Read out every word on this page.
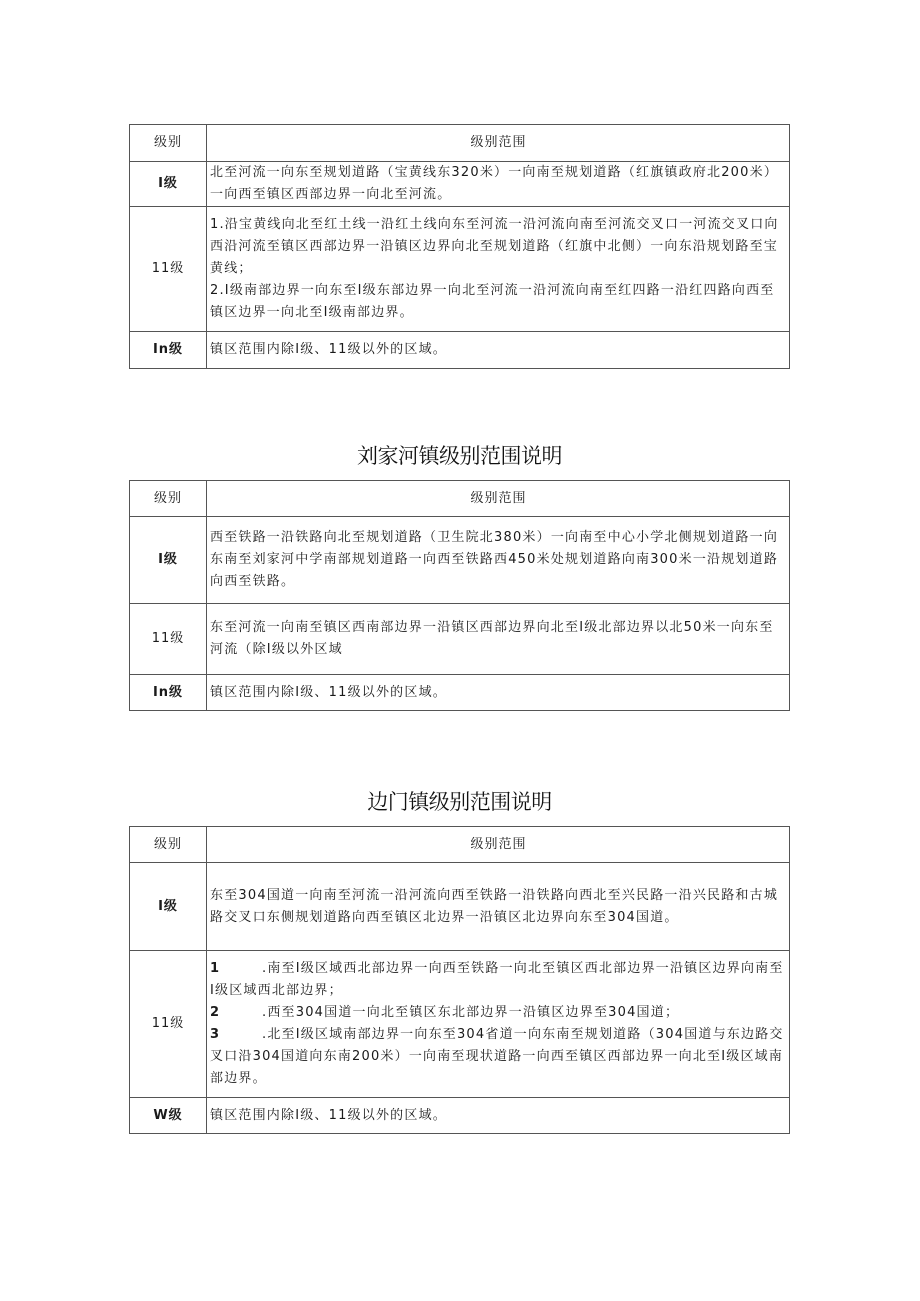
级别	级别范围
I级	北至河流一向东至规划道路（宝黄线东320米）一向南至规划道路（红旗镇政府北200米）一向西至镇区西部边界一向北至河流。

11级	1.沿宝黄线向北至红土线一沿红土线向东至河流一沿河流向南至河流交叉口一河流交叉口向西沿河流至镇区西部边界一沿镇区边界向北至规划道路（红旗中北侧）一向东沿规划路至宝黄线；
2.I级南部边界一向东至I级东部边界一向北至河流一沿河流向南至红四路一沿红四路向西至镇区边界一向北至I级南部边界。

In级	镇区范围内除I级、11级以外的区域。
刘家河镇级别范围说明
级别	级别范围
I级	西至铁路一沿铁路向北至规划道路（卫生院北380米）一向南至中心小学北侧规划道路一向东南至刘家河中学南部规划道路一向西至铁路西450米处规划道路向南300米一沿规划道路向西至铁路。

11级	东至河流一向南至镇区西南部边界一沿镇区西部边界向北至I级北部边界以北50米一向东至河流（除I级以外区域

In级	镇区范围内除I级、11级以外的区域。
边门镇级别范围说明
级别	级别范围
I级	东至304国道一向南至河流一沿河流向西至铁路一沿铁路向西北至兴民路一沿兴民路和古城路交叉口东侧规划道路向西至镇区北边界一沿镇区北边界向东至304国道。

11级	1 .南至I级区域西北部边界一向西至铁路一向北至镇区西北部边界一沿镇区边界向南至I级区域西北部边界；
2 .西至304国道一向北至镇区东北部边界一沿镇区边界至304国道；
3 .北至I级区域南部边界一向东至304省道一向东南至规划道路（304国道与东边路交叉口沿304国道向东南200米）一向南至现状道路一向西至镇区西部边界一向北至I级区域南部边界。

W级	镇区范围内除I级、11级以外的区域。
